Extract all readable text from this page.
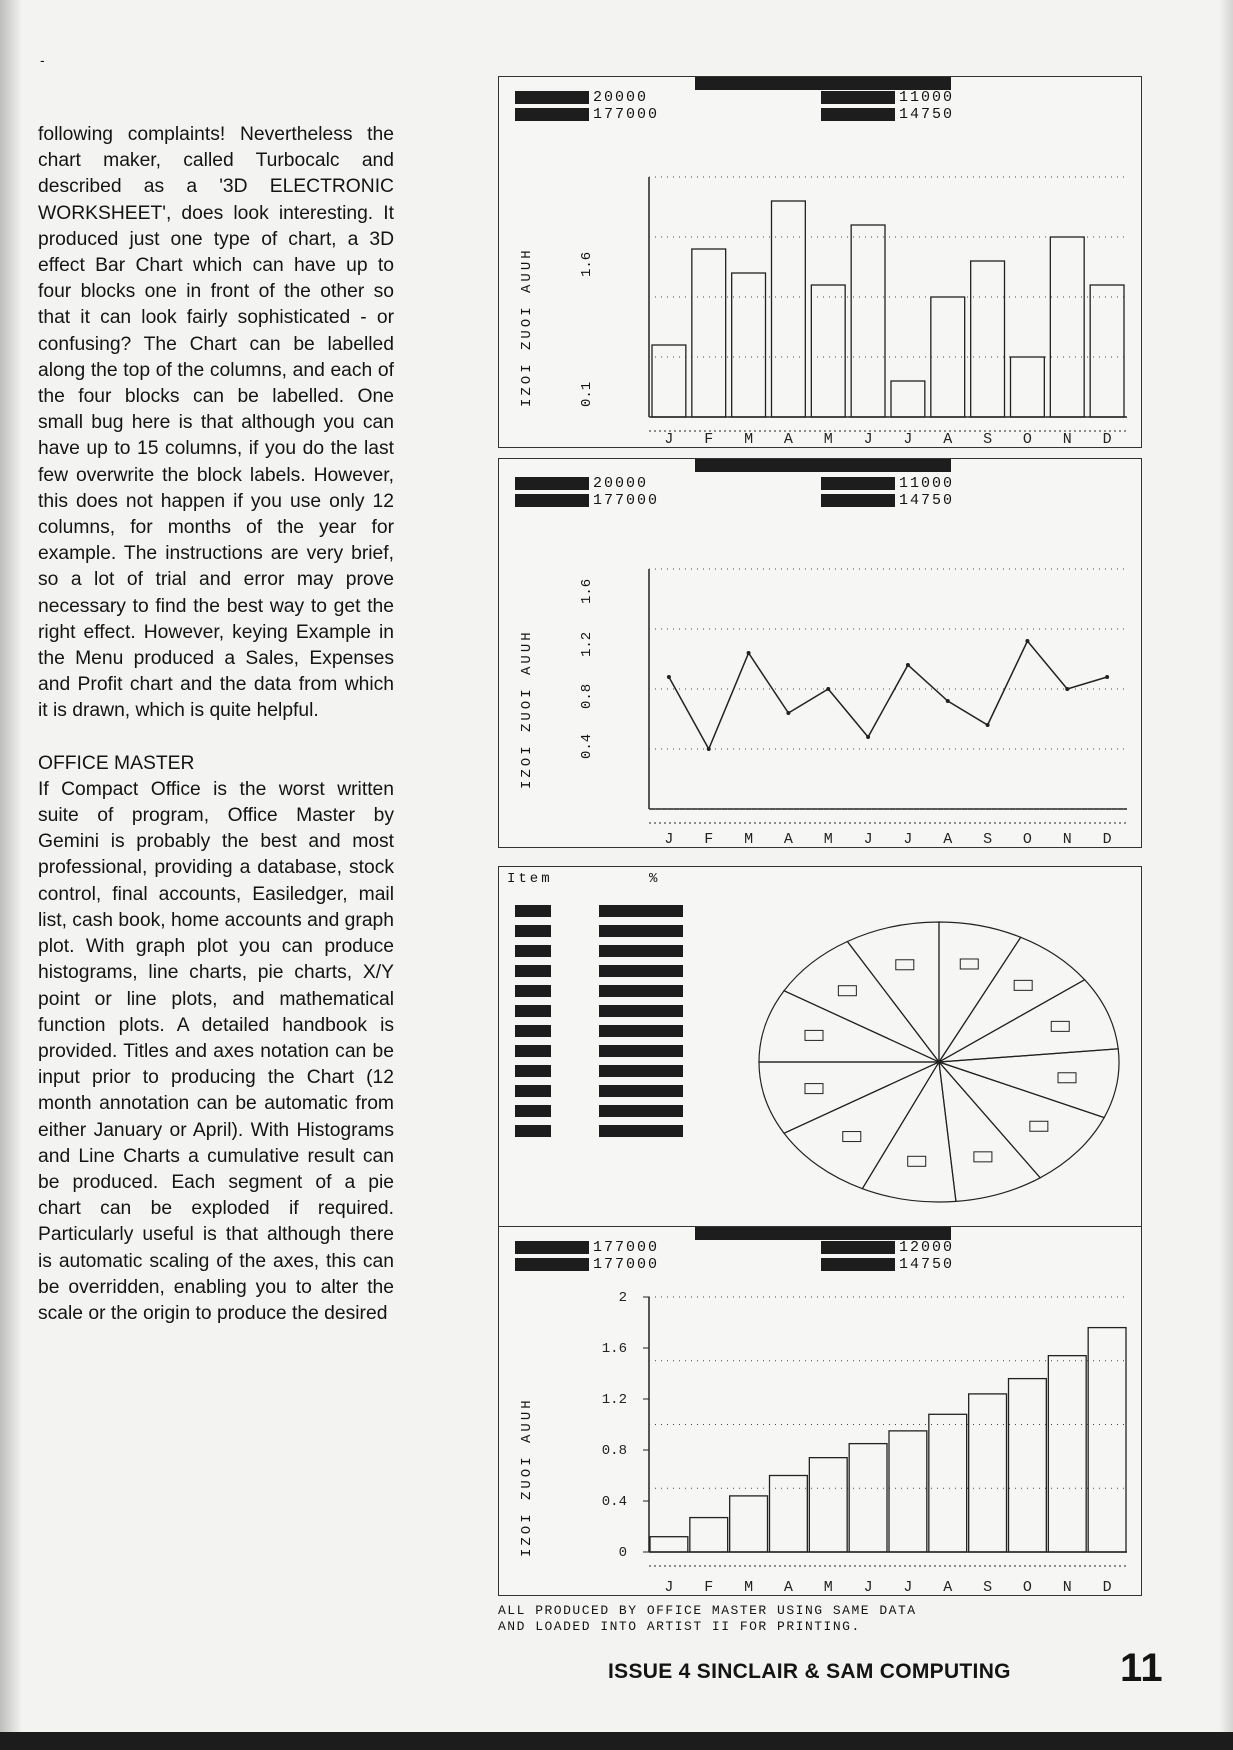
-

following complaints! Nevertheless the chart maker, called Turbocalc and described as a '3D ELECTRONIC WORKSHEET', does look interesting. It produced just one type of chart, a 3D effect Bar Chart which can have up to four blocks one in front of the other so that it can look fairly sophisticated - or confusing? The Chart can be labelled along the top of the columns, and each of the four blocks can be labelled. One small bug here is that although you can have up to 15 columns, if you do the last few overwrite the block labels. However, this does not happen if you use only 12 columns, for months of the year for example. The instructions are very brief, so a lot of trial and error may prove necessary to find the best way to get the right effect. However, keying Example in the Menu produced a Sales, Expenses and Profit chart and the data from which it is drawn, which is quite helpful.

OFFICE MASTER

If Compact Office is the worst written suite of program, Office Master by Gemini is probably the best and most professional, providing a database, stock control, final accounts, Easiledger, mail list, cash book, home accounts and graph plot. With graph plot you can produce histograms, line charts, pie charts, X/Y point or line plots, and mathematical function plots. A detailed handbook is provided. Titles and axes notation can be input prior to producing the Chart (12 month annotation can be automatic from either January or April). With Histograms and Line Charts a cumulative result can be produced. Each segment of a pie chart can be exploded if required. Particularly useful is that although there is automatic scaling of the axes, this can be overridden, enabling you to alter the scale or the origin to produce the desired

20000
177000
11000
14750
IZOI ZUOI AUUH	0.1
1.6
J F M A M J J A S O N D
20000
177000
11000
14750
IZOI ZUOI AUUH	0.4
0.8
1.2
1.6
J F M A M J J A S O N D
Item	%
177000
177000
12000
14750
IZOI ZUOI AUUH
J F M A M J J A S O N D
0
0.4
0.8
1.2
1.6
2
ALL PRODUCED BY OFFICE MASTER USING SAME DATA
AND LOADED INTO ARTIST II FOR PRINTING.
ISSUE 4 SINCLAIR & SAM COMPUTING	11
